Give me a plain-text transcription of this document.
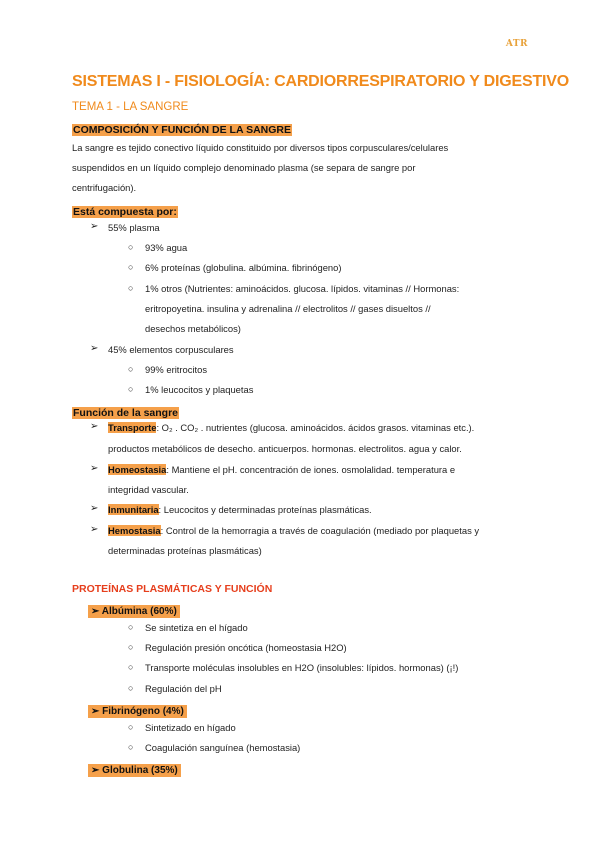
ATR
SISTEMAS I - FISIOLOGÍA: CARDIORRESPIRATORIO Y DIGESTIVO
TEMA 1 - LA SANGRE
COMPOSICIÓN Y FUNCIÓN DE LA SANGRE
La sangre es tejido conectivo líquido constituido por diversos tipos corpusculares/celulares
suspendidos en un líquido complejo denominado plasma (se separa de sangre por
centrifugación).
Está compuesta por:
➢ 55% plasma
○ 93% agua
○ 6% proteínas (globulina. albúmina. fibrinógeno)
○ 1% otros (Nutrientes: aminoácidos. glucosa. lípidos. vitaminas // Hormonas:
eritropoyetina. insulina y adrenalina // electrolitos // gases disueltos //
desechos metabólicos)
➢ 45% elementos corpusculares
○ 99% eritrocitos
○ 1% leucocitos y plaquetas
Función de la sangre
➢ Transporte: O₂ . CO₂ . nutrientes (glucosa. aminoácidos. ácidos grasos. vitaminas etc.).
productos metabólicos de desecho. anticuerpos. hormonas. electrolitos. agua y calor.
➢ Homeostasia: Mantiene el pH. concentración de iones. osmolalidad. temperatura e
integridad vascular.
➢ Inmunitaria: Leucocitos y determinadas proteínas plasmáticas.
➢ Hemostasia: Control de la hemorragia a través de coagulación (mediado por plaquetas y
determinadas proteínas plasmáticas)
PROTEÍNAS PLASMÁTICAS Y FUNCIÓN
➢ Albúmina (60%)
○ Se sintetiza en el hígado
○ Regulación presión oncótica (homeostasia H2O)
○ Transporte moléculas insolubles en H2O (insolubles: lípidos. hormonas) (¡!)
○ Regulación del pH
➢ Fibrinógeno (4%)
○ Sintetizado en hígado
○ Coagulación sanguínea (hemostasia)
➢ Globulina (35%)
